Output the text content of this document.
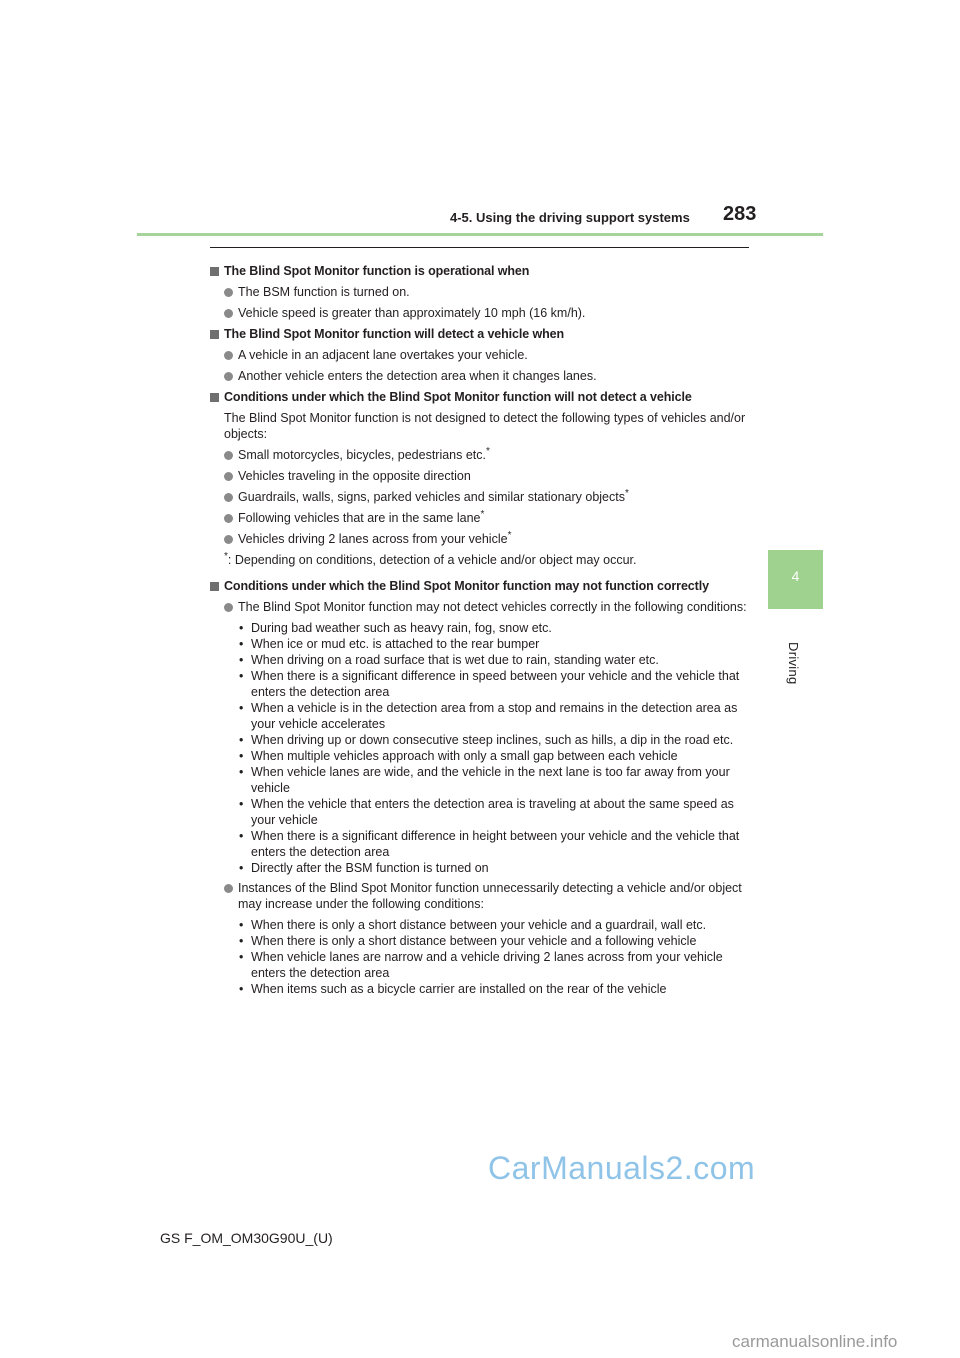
4-5. Using the driving support systems 283
4
Driving
The Blind Spot Monitor function is operational when
The BSM function is turned on.
Vehicle speed is greater than approximately 10 mph (16 km/h).
The Blind Spot Monitor function will detect a vehicle when
A vehicle in an adjacent lane overtakes your vehicle.
Another vehicle enters the detection area when it changes lanes.
Conditions under which the Blind Spot Monitor function will not detect a vehicle
The Blind Spot Monitor function is not designed to detect the following types of vehicles and/or objects:
Small motorcycles, bicycles, pedestrians etc.*
Vehicles traveling in the opposite direction
Guardrails, walls, signs, parked vehicles and similar stationary objects*
Following vehicles that are in the same lane*
Vehicles driving 2 lanes across from your vehicle*
*: Depending on conditions, detection of a vehicle and/or object may occur.
Conditions under which the Blind Spot Monitor function may not function correctly
The Blind Spot Monitor function may not detect vehicles correctly in the following conditions:
• During bad weather such as heavy rain, fog, snow etc.
• When ice or mud etc. is attached to the rear bumper
• When driving on a road surface that is wet due to rain, standing water etc.
• When there is a significant difference in speed between your vehicle and the vehicle that enters the detection area
• When a vehicle is in the detection area from a stop and remains in the detection area as your vehicle accelerates
• When driving up or down consecutive steep inclines, such as hills, a dip in the road etc.
• When multiple vehicles approach with only a small gap between each vehicle
• When vehicle lanes are wide, and the vehicle in the next lane is too far away from your vehicle
• When the vehicle that enters the detection area is traveling at about the same speed as your vehicle
• When there is a significant difference in height between your vehicle and the vehicle that enters the detection area
• Directly after the BSM function is turned on
Instances of the Blind Spot Monitor function unnecessarily detecting a vehicle and/or object may increase under the following conditions:
• When there is only a short distance between your vehicle and a guardrail, wall etc.
• When there is only a short distance between your vehicle and a following vehicle
• When vehicle lanes are narrow and a vehicle driving 2 lanes across from your vehicle enters the detection area
• When items such as a bicycle carrier are installed on the rear of the vehicle
CarManuals2.com
GS F_OM_OM30G90U_(U)
carmanualsonline.info
